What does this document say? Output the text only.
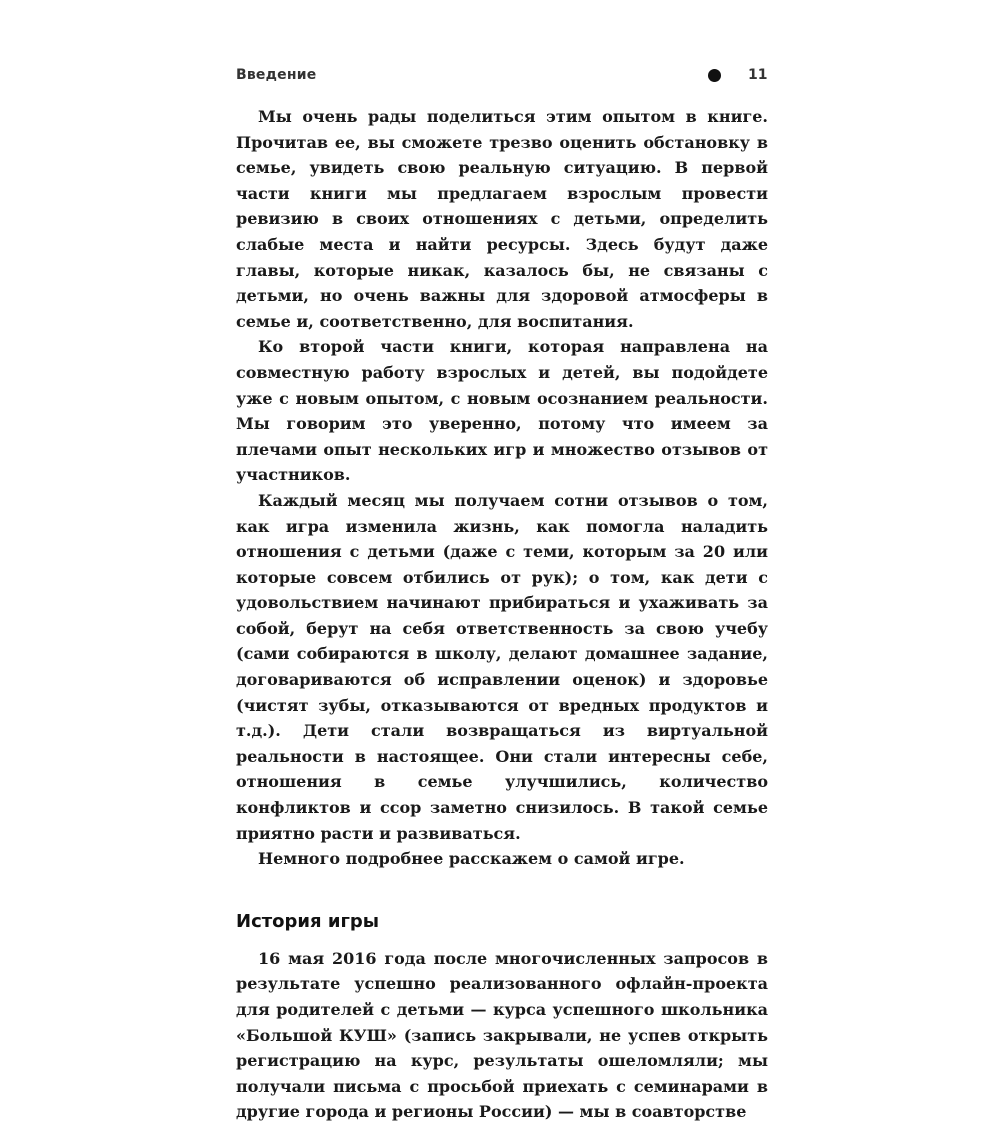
Введение	11

Мы очень рады поделиться этим опытом в книге. Прочитав ее, вы сможете трезво оценить обстановку в семье, увидеть свою реальную ситуацию. В первой части книги мы предлагаем взрослым провести ревизию в своих отношениях с детьми, определить слабые места и найти ресурсы. Здесь будут даже главы, которые никак, казалось бы, не связаны с детьми, но очень важны для здоровой атмосферы в семье и, соответственно, для воспитания.

Ко второй части книги, которая направлена на совместную работу взрослых и детей, вы подойдете уже с новым опытом, с новым осознанием реальности. Мы говорим это уверенно, потому что имеем за плечами опыт нескольких игр и множество отзывов от участников.

Каждый месяц мы получаем сотни отзывов о том, как игра изменила жизнь, как помогла наладить отношения с детьми (даже с теми, которым за 20 или которые совсем отбились от рук); о том, как дети с удовольствием начинают прибираться и ухаживать за собой, берут на себя ответственность за свою учебу (сами собираются в школу, делают домашнее задание, договариваются об исправлении оценок) и здоровье (чистят зубы, отказываются от вредных продуктов и т.д.). Дети стали возвращаться из виртуальной реальности в настоящее. Они стали интересны себе, отношения в семье улучшились, количество конфликтов и ссор заметно снизилось. В такой семье приятно расти и развиваться.

Немного подробнее расскажем о самой игре.

История игры

16 мая 2016 года после многочисленных запросов в результате успешно реализованного офлайн-проекта для родителей с детьми — курса успешного школьника «Большой КУШ» (запись закрывали, не успев открыть регистрацию на курс, результаты ошеломляли; мы получали письма с просьбой приехать с семинарами в другие города и регионы России) — мы в соавторстве
